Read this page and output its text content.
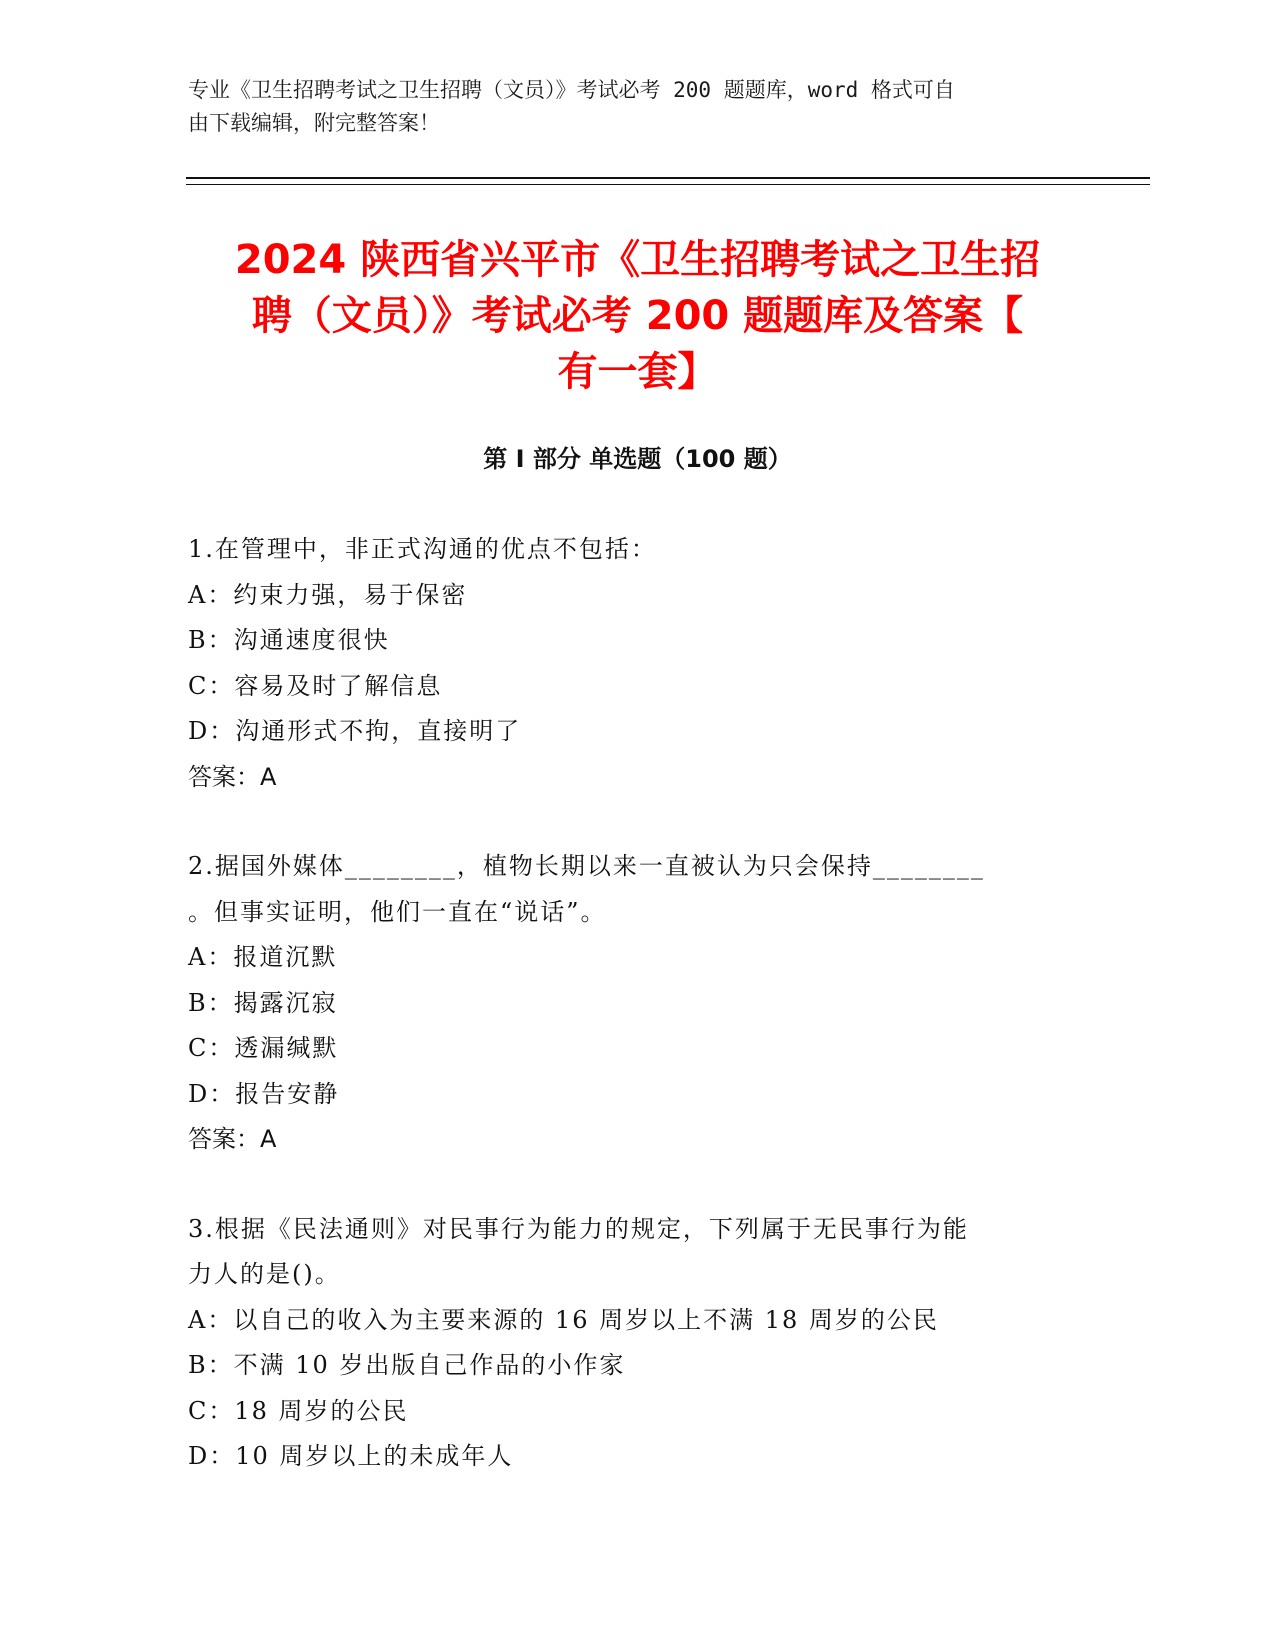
专业《卫生招聘考试之卫生招聘（文员）》考试必考 200 题题库，word 格式可自
由下载编辑，附完整答案！
2024 陕西省兴平市《卫生招聘考试之卫生招
聘（文员）》考试必考 200 题题库及答案【
有一套】
第 I 部分 单选题（100 题）
1.在管理中，非正式沟通的优点不包括：
A：约束力强，易于保密
B：沟通速度很快
C：容易及时了解信息
D：沟通形式不拘，直接明了
答案：A
2.据国外媒体________，植物长期以来一直被认为只会保持________
。但事实证明，他们一直在“说话”。
A：报道沉默
B：揭露沉寂
C：透漏缄默
D：报告安静
答案：A
3.根据《民法通则》对民事行为能力的规定，下列属于无民事行为能
力人的是()。
A：以自己的收入为主要来源的 16 周岁以上不满 18 周岁的公民
B：不满 10 岁出版自己作品的小作家
C：18 周岁的公民
D：10 周岁以上的未成年人
